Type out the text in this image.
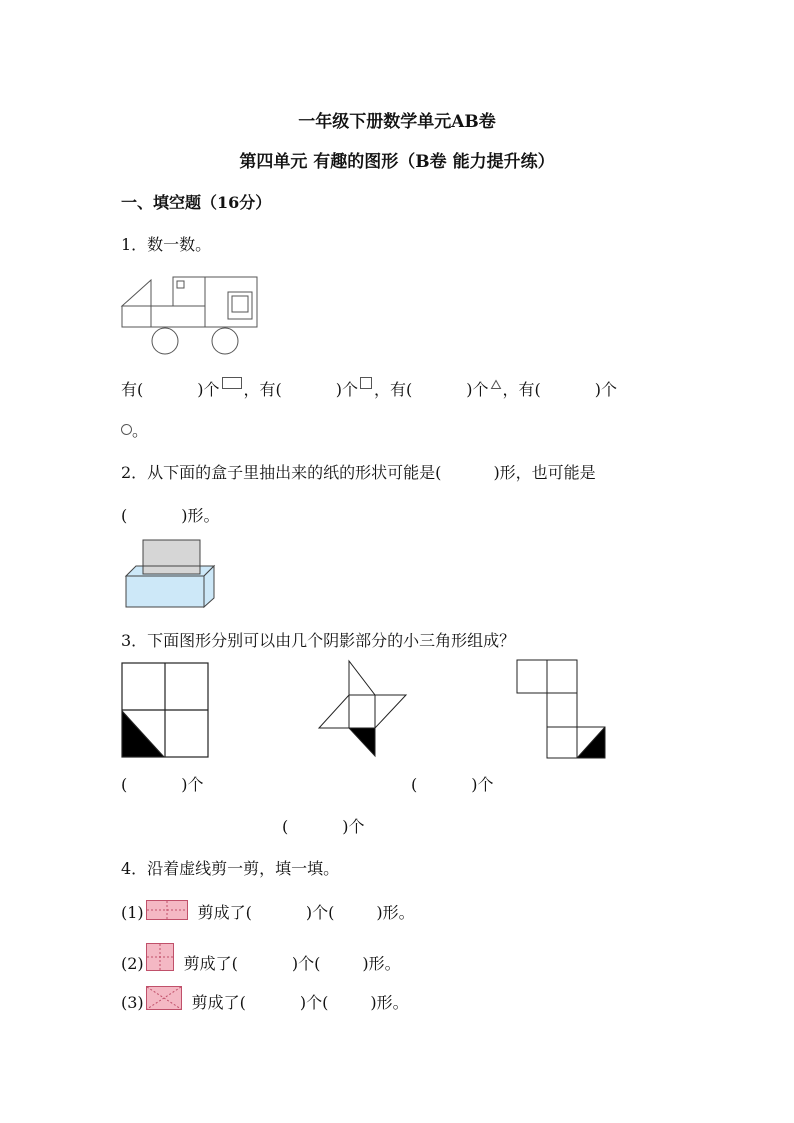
一年级下册数学单元AB卷
第四单元 有趣的图形（B卷 能力提升练）
一、填空题（16分）
1．数一数。
有(	)个 ，有(	)个 ，有(	)个 ，有(	)个
。
2．从下面的盒子里抽出来的纸的形状可能是(	)形，也可能是
(	)形。
3．下面图形分别可以由几个阴影部分的小三角形组成？
(	)个	(	)个
(	)个
4．沿着虚线剪一剪，填一填。
(1)	剪成了(	)个(	)形。
(2)	剪成了(	)个(	)形。
(3)	剪成了(	)个(	)形。
